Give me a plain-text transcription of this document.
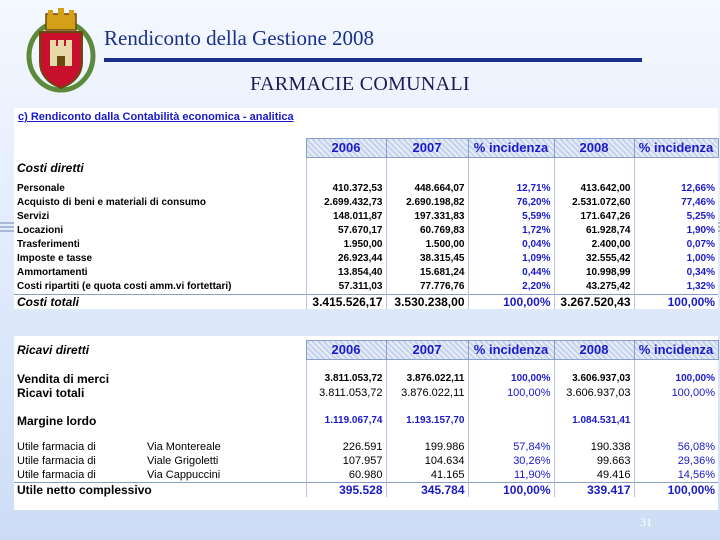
Rendiconto della Gestione 2008
FARMACIE COMUNALI
c) Rendiconto dalla Contabilità economica - analitica
	2006	2007	% incidenza	2008	% incidenza
Costi diretti					

Personale	410.372,53	448.664,07	12,71%	413.642,00	12,66%
Acquisto di beni e materiali di consumo	2.699.432,73	2.690.198,82	76,20%	2.531.072,60	77,46%
Servizi	148.011,87	197.331,83	5,59%	171.647,26	5,25%
Locazioni	57.670,17	60.769,83	1,72%	61.928,74	1,90%
Trasferimenti	1.950,00	1.500,00	0,04%	2.400,00	0,07%
Imposte e tasse	26.923,44	38.315,45	1,09%	32.555,42	1,00%
Ammortamenti	13.854,40	15.681,24	0,44%	10.998,99	0,34%
Costi ripartiti (e quota costi amm.vi fortettari)	57.311,03	77.776,76	2,20%	43.275,42	1,32%
Costi totali	3.415.526,17	3.530.238,00	100,00%	3.267.520,43	100,00%
Ricavi diretti		2006	2007	% incidenza	2008	% incidenza

Vendita di merci		3.811.053,72	3.876.022,11	100,00%	3.606.937,03	100,00%
Ricavi totali		3.811.053,72	3.876.022,11	100,00%	3.606.937,03	100,00%

Margine lordo		1.119.067,74	1.193.157,70		1.084.531,41	

Utile farmacia di	Via Montereale	226.591	199.986	57,84%	190.338	56,08%
Utile farmacia di	Viale Grigoletti	107.957	104.634	30,26%	99.663	29,36%
Utile farmacia di	Via Cappuccini	60.980	41.165	11,90%	49.416	14,56%
Utile netto complessivo		395.528	345.784	100,00%	339.417	100,00%
31
